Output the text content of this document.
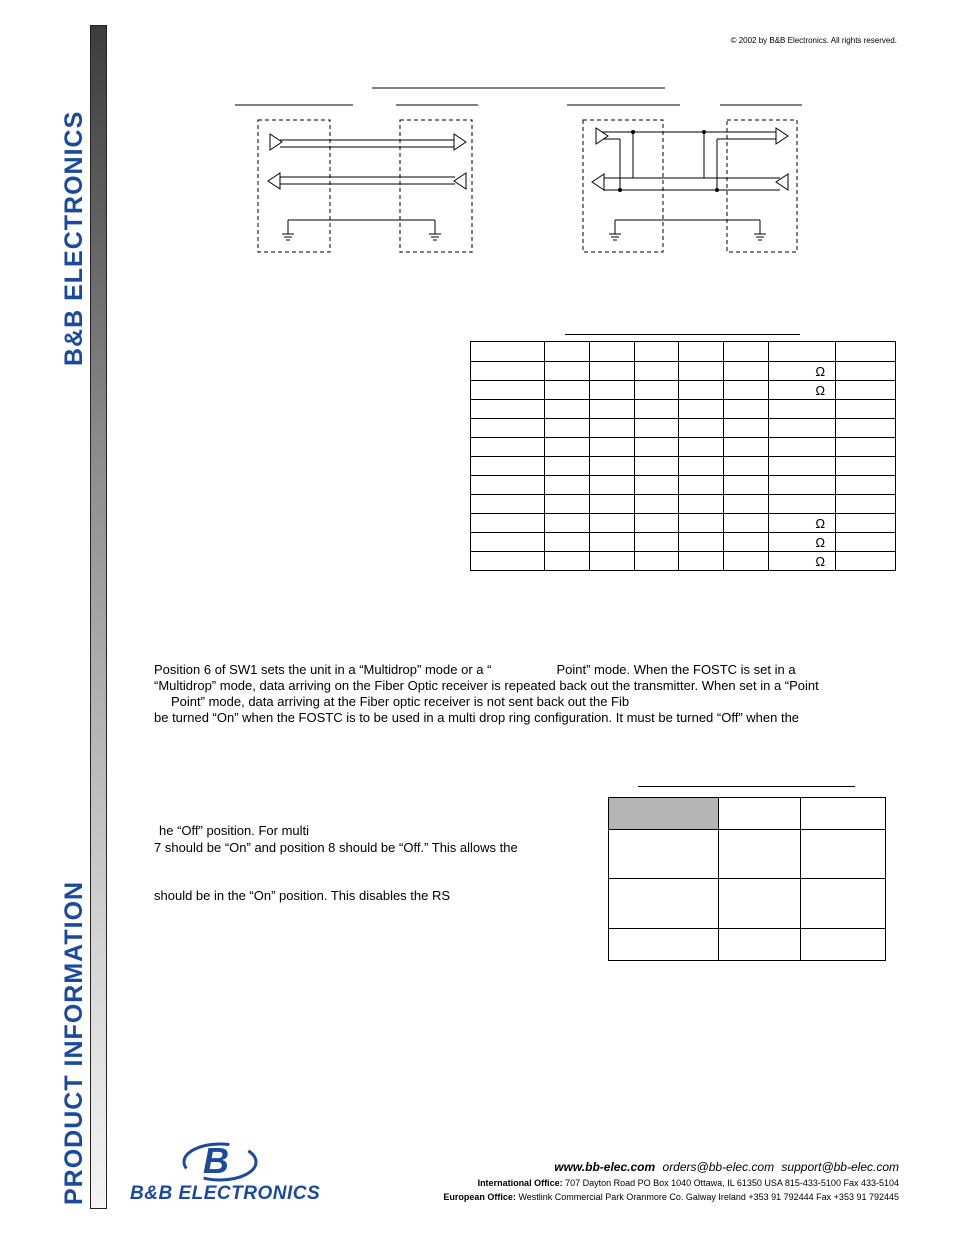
B&B ELECTRONICS
PRODUCT INFORMATION
© 2002 by B&B Electronics. All rights reserved.

						Ω	
						Ω	

						Ω	
						Ω	
						Ω	
Position 6 of SW1 sets the unit in a “Multidrop” mode or a “	Point” mode. When the FOSTC is set in a
“Multidrop” mode, data arriving on the Fiber Optic receiver is repeated back out the transmitter. When set in a “Point
Point” mode, data arriving at the Fiber optic receiver is not sent back out the Fib
be turned “On” when the FOSTC is to be used in a multi drop ring configuration. It must be turned “Off” when the

he “Off” position. For multi
7 should be “On” and position 8 should be “Off.” This allows the
should be in the “On” position. This disables the RS
B
B&B ELECTRONICS
www.bb-elec.com orders@bb-elec.com support@bb-elec.com
International Office: 707 Dayton Road PO Box 1040 Ottawa, IL 61350 USA 815-433-5100 Fax 433-5104
European Office: Westlink Commercial Park Oranmore Co. Galway Ireland +353 91 792444 Fax +353 91 792445
